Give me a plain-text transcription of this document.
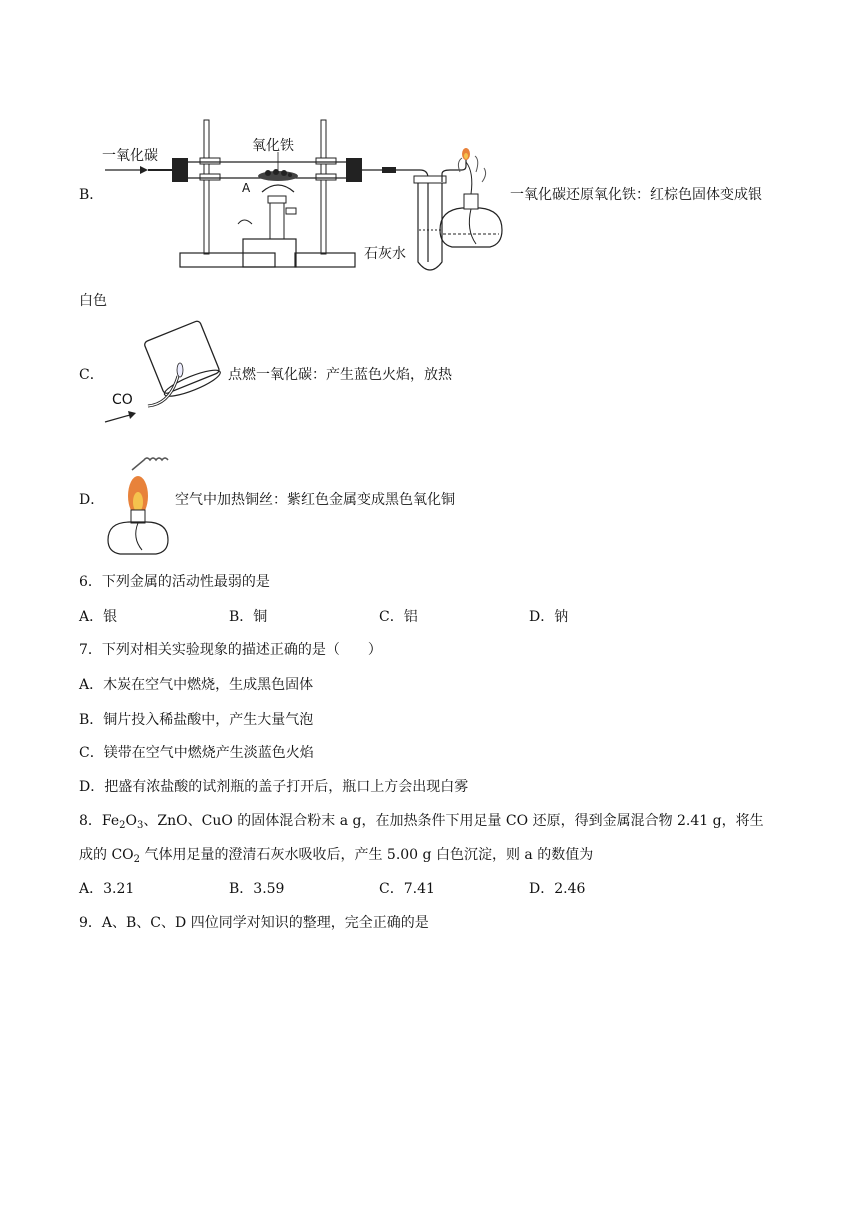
B．
一氧化碳
氧化铁
A
石灰水
一氧化碳还原氧化铁：红棕色固体变成银
白色
C．
CO
点燃一氧化碳：产生蓝色火焰，放热
D．	空气中加热铜丝：紫红色金属变成黑色氧化铜
6．下列金属的活动性最弱的是
A．银	B．铜	C．铝	D．钠
7．下列对相关实验现象的描述正确的是（　　）
A．木炭在空气中燃烧，生成黑色固体
B．铜片投入稀盐酸中，产生大量气泡
C．镁带在空气中燃烧产生淡蓝色火焰
D．把盛有浓盐酸的试剂瓶的盖子打开后，瓶口上方会出现白雾
8．$Fe_2O_3$、ZnO、CuO 的固体混合粉末 a g，在加热条件下用足量 CO 还原，得到金属混合物 2.41 g，将生
成的 $CO_2$ 气体用足量的澄清石灰水吸收后，产生 5.00 g 白色沉淀，则 a 的数值为
A．3.21	B．3.59	C．7.41	D．2.46
9．A、B、C、D 四位同学对知识的整理，完全正确的是
